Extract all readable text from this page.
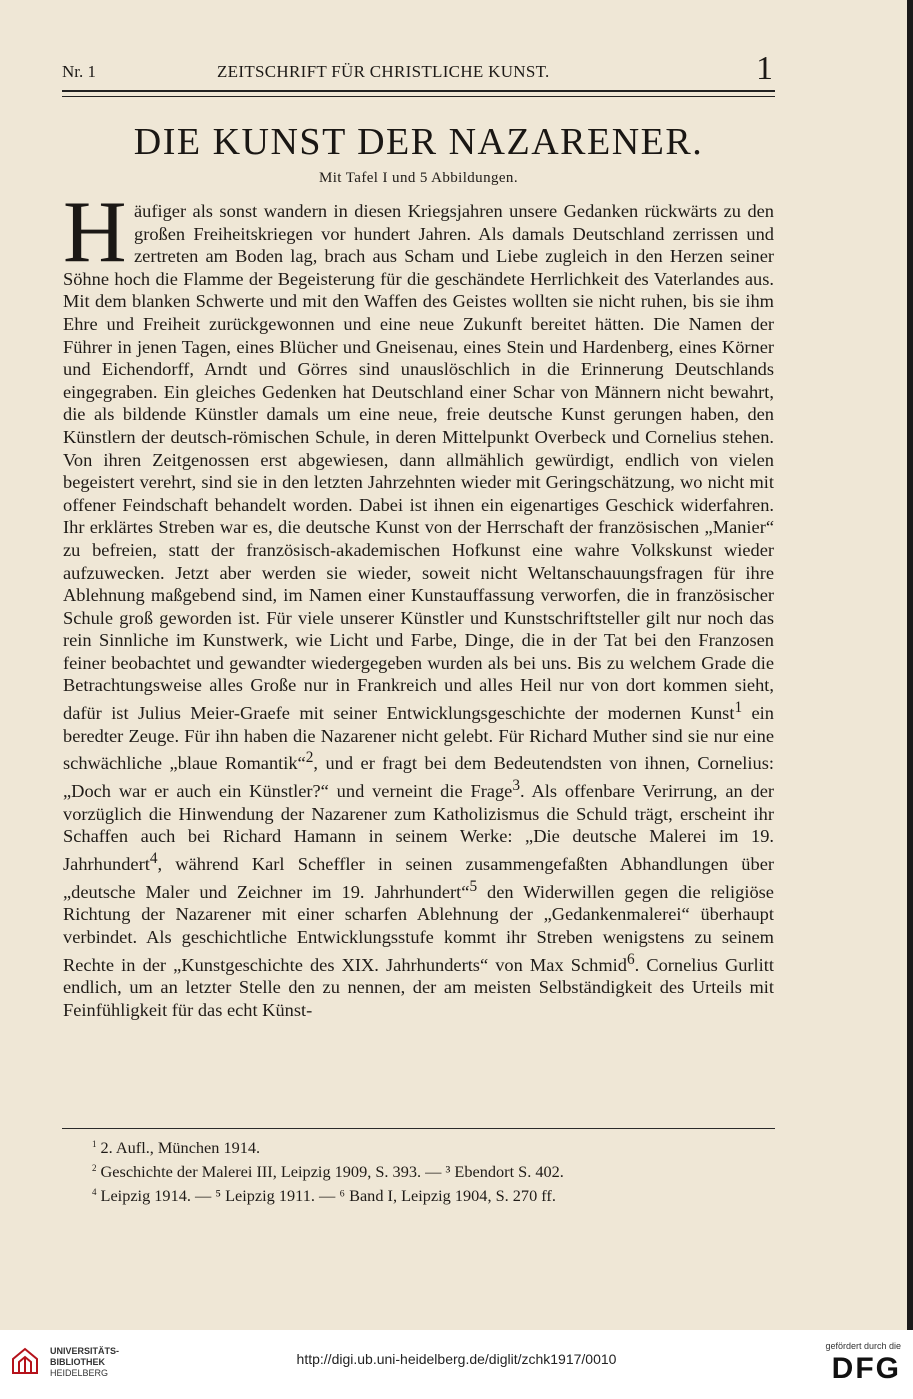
Nr. 1	ZEITSCHRIFT FÜR CHRISTLICHE KUNST.	1
DIE KUNST DER NAZARENER.
Mit Tafel I und 5 Abbildungen.
H äufiger als sonst wandern in diesen Kriegsjahren unsere Gedanken rückwärts zu den großen Freiheitskriegen vor hundert Jahren. Als damals Deutschland zerrissen und zertreten am Boden lag, brach aus Scham und Liebe zugleich in den Herzen seiner Söhne hoch die Flamme der Begeisterung für die geschändete Herrlichkeit des Vaterlandes aus. Mit dem blanken Schwerte und mit den Waffen des Geistes wollten sie nicht ruhen, bis sie ihm Ehre und Freiheit zurückgewonnen und eine neue Zukunft bereitet hätten. Die Namen der Führer in jenen Tagen, eines Blücher und Gneisenau, eines Stein und Hardenberg, eines Körner und Eichendorff, Arndt und Görres sind unauslöschlich in die Erinnerung Deutschlands eingegraben. Ein gleiches Gedenken hat Deutschland einer Schar von Männern nicht bewahrt, die als bildende Künstler damals um eine neue, freie deutsche Kunst gerungen haben, den Künstlern der deutsch-römischen Schule, in deren Mittelpunkt Overbeck und Cornelius stehen. Von ihren Zeitgenossen erst abgewiesen, dann allmählich gewürdigt, endlich von vielen begeistert verehrt, sind sie in den letzten Jahrzehnten wieder mit Geringschätzung, wo nicht mit offener Feindschaft behandelt worden. Dabei ist ihnen ein eigenartiges Geschick widerfahren. Ihr erklärtes Streben war es, die deutsche Kunst von der Herrschaft der französischen „Manier“ zu befreien, statt der französisch-akademischen Hofkunst eine wahre Volkskunst wieder aufzuwecken. Jetzt aber werden sie wieder, soweit nicht Weltanschauungsfragen für ihre Ablehnung maßgebend sind, im Namen einer Kunstauffassung verworfen, die in französischer Schule groß geworden ist. Für viele unserer Künstler und Kunstschriftsteller gilt nur noch das rein Sinnliche im Kunstwerk, wie Licht und Farbe, Dinge, die in der Tat bei den Franzosen feiner beobachtet und gewandter wiedergegeben wurden als bei uns. Bis zu welchem Grade die Betrachtungsweise alles Große nur in Frankreich und alles Heil nur von dort kommen sieht, dafür ist Julius Meier-Graefe mit seiner Entwicklungsgeschichte der modernen Kunst$^1$ ein beredter Zeuge. Für ihn haben die Nazarener nicht gelebt. Für Richard Muther sind sie nur eine schwächliche „blaue Romantik“$^2$, und er fragt bei dem Bedeutendsten von ihnen, Cornelius: „Doch war er auch ein Künstler?“ und verneint die Frage$^3$. Als offenbare Verirrung, an der vorzüglich die Hinwendung der Nazarener zum Katholizismus die Schuld trägt, erscheint ihr Schaffen auch bei Richard Hamann in seinem Werke: „Die deutsche Malerei im 19. Jahrhundert$^4$, während Karl Scheffler in seinen zusammengefaßten Abhandlungen über „deutsche Maler und Zeichner im 19. Jahrhundert“$^5$ den Widerwillen gegen die religiöse Richtung der Nazarener mit einer scharfen Ablehnung der „Gedankenmalerei“ überhaupt verbindet. Als geschichtliche Entwicklungsstufe kommt ihr Streben wenigstens zu seinem Rechte in der „Kunstgeschichte des XIX. Jahrhunderts“ von Max Schmid$^6$. Cornelius Gurlitt endlich, um an letzter Stelle den zu nennen, der am meisten Selbständigkeit des Urteils mit Feinfühligkeit für das echt Künst-
$^1$ 2. Aufl., München 1914.
$^2$ Geschichte der Malerei III, Leipzig 1909, S. 393. — ³ Ebendort S. 402.
$^4$ Leipzig 1914. — ⁵ Leipzig 1911. — ⁶ Band I, Leipzig 1904, S. 270 ff.
UNIVERSITÄTS-
BIBLIOTHEK
HEIDELBERG
http://digi.ub.uni-heidelberg.de/diglit/zchk1917/0010
gefördert durch die
DFG
